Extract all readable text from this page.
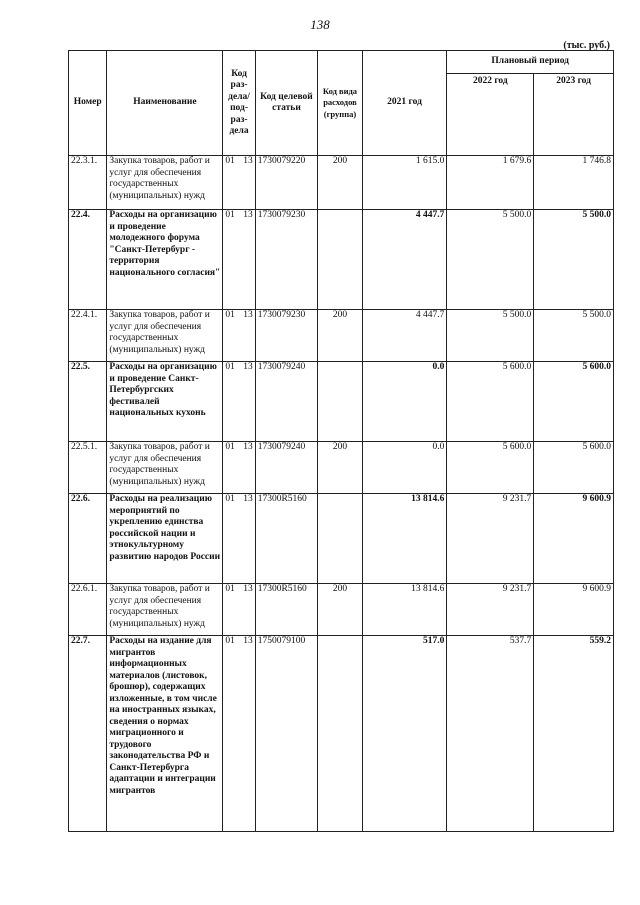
138
(тыс. руб.)
Номер	Наименование	Код раз- дела/ под- раз- дела	Код целевой статьи	Код вида расходов (группа)	2021 год	Плановый период	
						2022 год	2023 год
22.3.1.	Закупка товаров, работ и услуг для обеспечения государственных (муниципальных) нужд	01 13	1730079220	200	1 615.0	1 679.6	1 746.8
22.4.	Расходы на организацию и проведение молодежного форума "Санкт-Петербург - территория национального согласия"	01 13	1730079230		4 447.7	5 500.0	5 500.0
22.4.1.	Закупка товаров, работ и услуг для обеспечения государственных (муниципальных) нужд	01 13	1730079230	200	4 447.7	5 500.0	5 500.0
22.5.	Расходы на организацию и проведение Санкт-Петербургских фестивалей национальных кухонь	01 13	1730079240		0.0	5 600.0	5 600.0
22.5.1.	Закупка товаров, работ и услуг для обеспечения государственных (муниципальных) нужд	01 13	1730079240	200	0.0	5 600.0	5 600.0
22.6.	Расходы на реализацию мероприятий по укреплению единства российской нации и этнокультурному развитию народов России	01 13	17300R5160		13 814.6	9 231.7	9 600.9
22.6.1.	Закупка товаров, работ и услуг для обеспечения государственных (муниципальных) нужд	01 13	17300R5160	200	13 814.6	9 231.7	9 600.9
22.7.	Расходы на издание для мигрантов информационных материалов (листовок, брошюр), содержащих изложенные, в том числе на иностранных языках, сведения о нормах миграционного и трудового законодательства РФ и Санкт-Петербурга адаптации и интеграции мигрантов	01 13	1750079100		517.0	537.7	559.2
